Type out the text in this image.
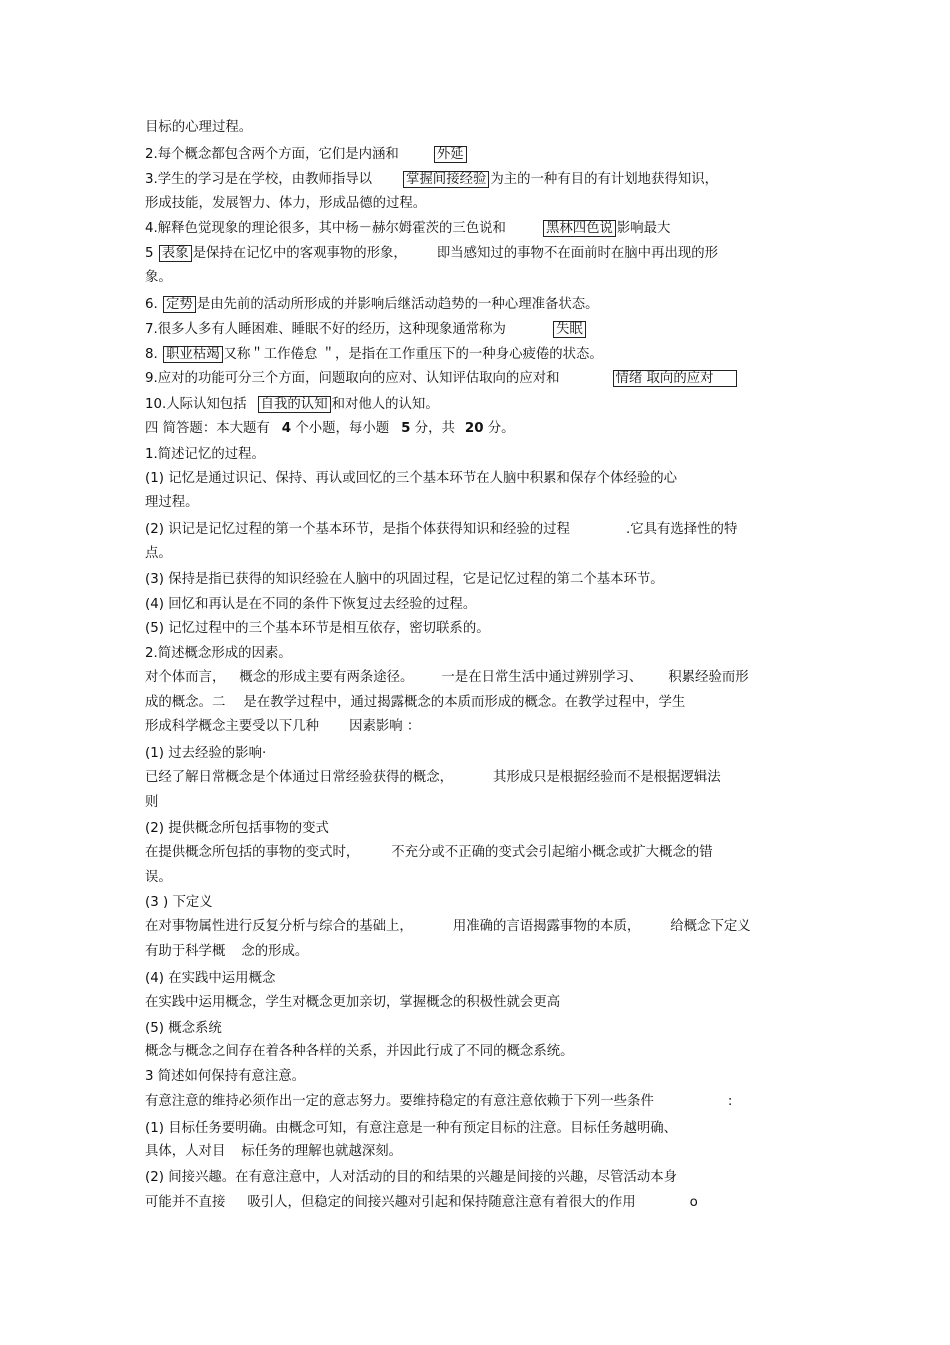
目标的心理过程。
2.每个概念都包含两个方面，它们是内涵和	外延
3.学生的学习是在学校，由教师指导以	掌握间接经验 为主的一种有目的有计划地获得知识，
形成技能，发展智力、体力，形成品德的过程。
4.解释色觉现象的理论很多，其中杨－赫尔姆霍茨的三色说和	黑林四色说 影响最大
5 表象 是保持在记忆中的客观事物的形象， 即当感知过的事物不在面前时在脑中再出现的形
象。
6. 定势 是由先前的活动所形成的并影响后继活动趋势的一种心理准备状态。
7.很多人多有人睡困难、睡眠不好的经历，这种现象通常称为	失眠
8. 职业枯竭 又称＂工作倦怠 ＂，是指在工作重压下的一种身心疲倦的状态。
9.应对的功能可分三个方面，问题取向的应对、认知评估取向的应对和	情绪 取向的应对
10.人际认知包括 自我的认知 和对他人的认知。
四 简答题：本大题有 4 个小题，每小题 5 分，共 20 分。
1.简述记忆的过程。
(1) 记忆是通过识记、保持、再认或回忆的三个基本环节在人脑中积累和保存个体经验的心
理过程。
(2) 识记是记忆过程的第一个基本环节，是指个体获得知识和经验的过程	.它具有选择性的特
点。
(3) 保持是指已获得的知识经验在人脑中的巩固过程，它是记忆过程的第二个基本环节。
(4) 回忆和再认是在不同的条件下恢复过去经验的过程。
(5) 记忆过程中的三个基本环节是相互依存，密切联系的。
2.简述概念形成的因素。
对个体而言， 概念的形成主要有两条途径。 一是在日常生活中通过辨别学习、 积累经验而形
成的概念。二 是在教学过程中，通过揭露概念的本质而形成的概念。在教学过程中，学生
形成科学概念主要受以下几种 因素影响 ：
(1) 过去经验的影响·
已经了解日常概念是个体通过日常经验获得的概念，	其形成只是根据经验而不是根据逻辑法
则
(2) 提供概念所包括事物的变式
在提供概念所包括的事物的变式时， 不充分或不正确的变式会引起缩小概念或扩大概念的错
误。
(3 ) 下定义
在对事物属性进行反复分析与综合的基础上，	用准确的言语揭露事物的本质， 给概念下定义
有助于科学概 念的形成。
(4) 在实践中运用概念
在实践中运用概念，学生对概念更加亲切，掌握概念的积极性就会更高
(5) 概念系统
概念与概念之间存在着各种各样的关系，并因此行成了不同的概念系统。
3 简述如何保持有意注意。
有意注意的维持必须作出一定的意志努力。要维持稳定的有意注意依赖于下列一些条件	:
(1) 目标任务要明确。由概念可知，有意注意是一种有预定目标的注意。目标任务越明确、
具体，人对目 标任务的理解也就越深刻。
(2) 间接兴趣。在有意注意中，人对活动的目的和结果的兴趣是间接的兴趣，尽管活动本身
可能并不直接 吸引人，但稳定的间接兴趣对引起和保持随意注意有着很大的作用	o
